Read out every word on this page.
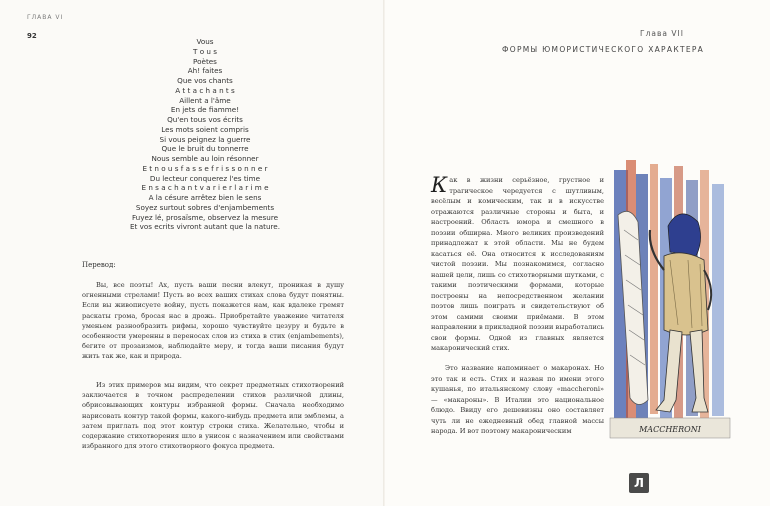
ГЛАВА VI
92
Vous
T o u s
Poètes
Ah! faites
Que vos chants
A t t a c h a n t s
Aillent a l'âme
En jets de fiamme!
Qu'en tous vos écrits
Les mots soient compris
Si vous peignez la guerre
Que le bruit du tonnerre
Nous semble au loin résonner
E t n o u s f a s s e f r i s s o n n e r
Du lecteur conquerez l'es time
E n s a c h a n t v a r i e r l a r i m e
A la césure arrêtez bien le sens
Soyez surtout sobres d'enjambements
Fuyez lé, prosaïsme, observez la mesure
Et vos ecrits vivront autant que la nature.
Перевод:
Вы, все поэты! Ах, пусть ваши песни влекут, проникая в душу огненными стрелами! Пусть во всех ваших стихах слова будут понятны. Если вы живописуете войну, пусть покажется нам, как вдалеке гремят раскаты грома, бросая нас в дрожь. Приобретайте уважение читателя уменьем разнообразить рифмы, хорошо чувствуйте цезуру и будьте в особенности умеренны в переносах слов из стиха в стих (enjambements), бегите от прозаизмов, наблюдайте меру, и тогда ваши писания будут жить так же, как и природа.
Из этих примеров мы видим, что секрет предметных стихотворений заключается в точном распределении стихов различной длины, обрисовывающих контуры избранной формы. Сначала необходимо нарисовать контур такой формы, какого-нибудь предмета или эмблемы, а затем приглать под этот контур строки стиха. Желательно, чтобы и содержание стихотворения шло в унисон с назначением или свойствами избранного для этого стихотворного фокуса предмета.
Глава VII
ФОРМЫ ЮМОРИСТИЧЕСКОГО ХАРАКТЕРА
Как в жизни серьёзное, грустное и трагическое чередуется с шутливым, весёлым и комическим, так и в искусстве отражаются различные стороны и быта, и настроений. Область юмора и смешного в поэзии обширна. Много великих произведений принадлежат к этой области. Мы не будем касаться её. Она относится к исследованиям чистой поэзии. Мы познакомимся, согласно нашей цели, лишь со стихотворными шутками, с такими поэтическими формами, которые построены на непосредственном желании поэтов лишь поиграть и свидетельствуют об этом самими своими приёмами. В этом направлении в прикладной поэзии выработались свои формы. Одной из главных является макаронический стих.
Это название напоминает о макаронах. Но это так и есть. Стих и назван по имени этого кушанья, по итальянскому слову «maccheroni» — «макароны». В Италии это национальное блюдо. Ввиду его дешевизны оно составляет чуть ли не ежедневный обед главной массы народа. И вот поэтому макароническим	MACCHERONI
Л
